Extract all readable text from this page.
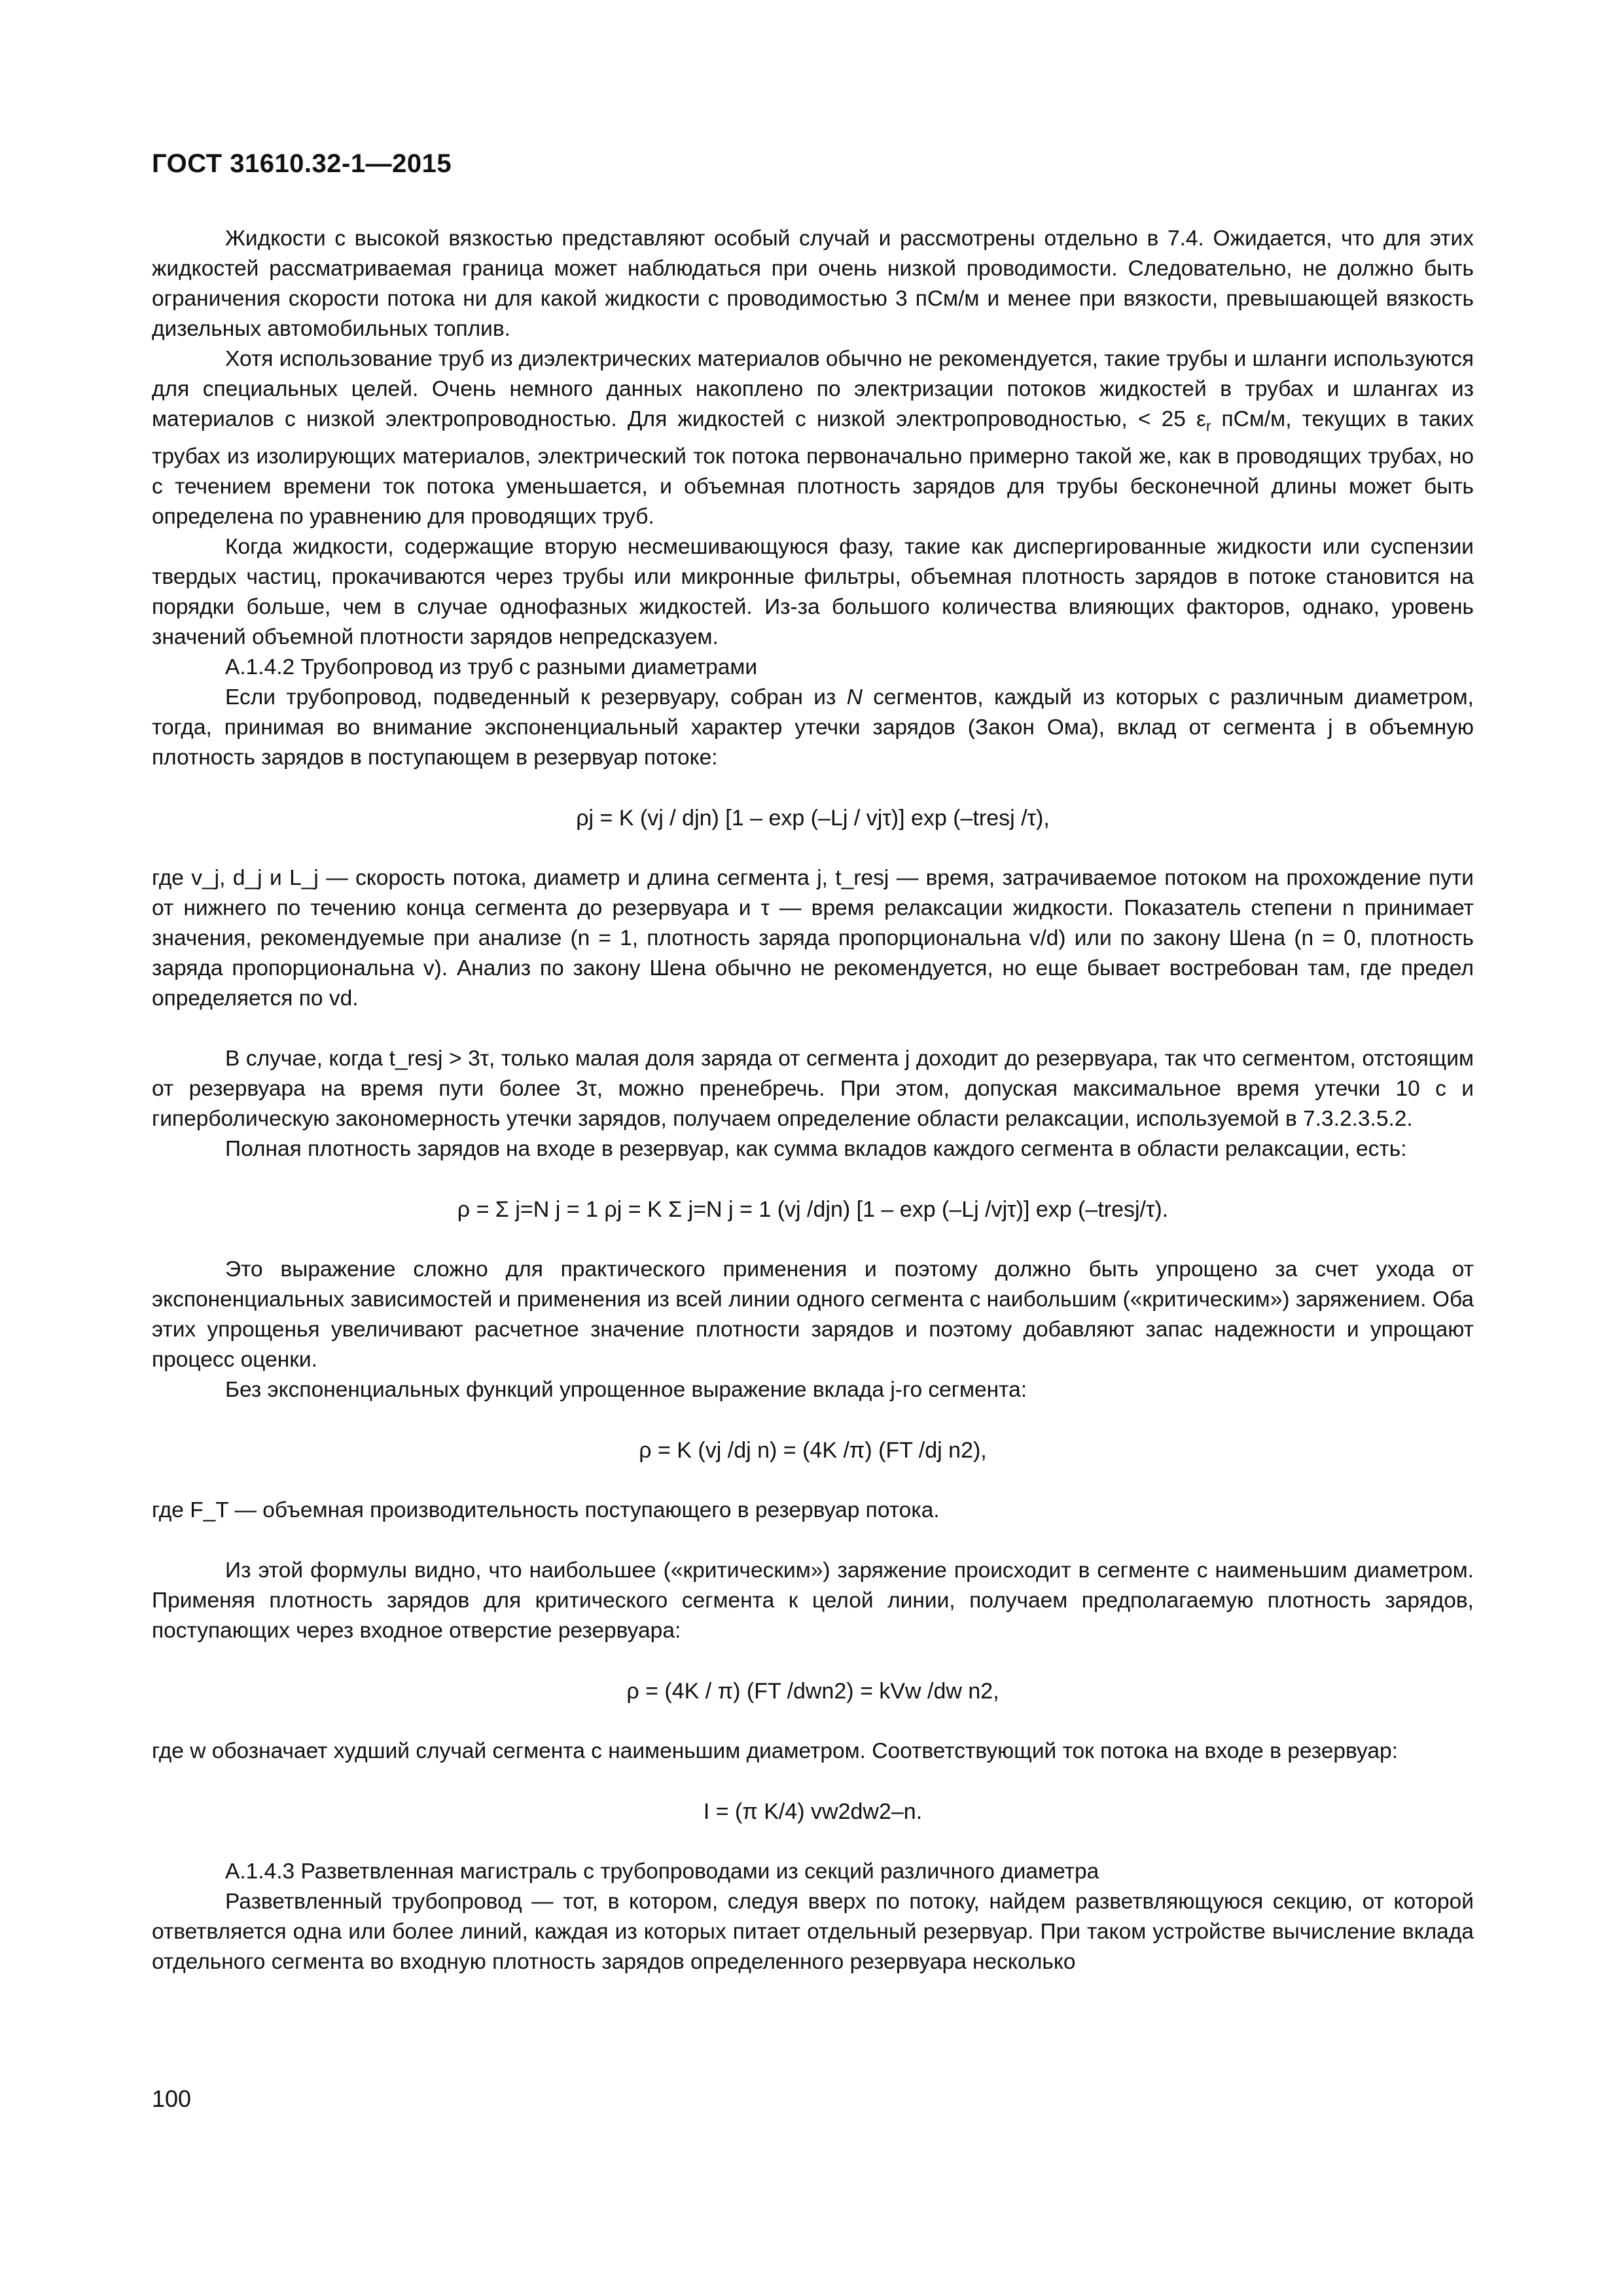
ГОСТ 31610.32-1—2015

Жидкости с высокой вязкостью представляют особый случай и рассмотрены отдельно в 7.4. Ожидается, что для этих жидкостей рассматриваемая граница может наблюдаться при очень низкой проводимости. Следовательно, не должно быть ограничения скорости потока ни для какой жидкости с проводимостью 3 пСм/м и менее при вязкости, превышающей вязкость дизельных автомобильных топлив.

Хотя использование труб из диэлектрических материалов обычно не рекомендуется, такие трубы и шланги используются для специальных целей. Очень немного данных накоплено по электризации потоков жидкостей в трубах и шлангах из материалов с низкой электропроводностью. Для жидкостей с низкой электропроводностью, < 25 $\varepsilon_r$ пСм/м, текущих в таких трубах из изолирующих материалов, электрический ток потока первоначально примерно такой же, как в проводящих трубах, но с течением времени ток потока уменьшается, и объемная плотность зарядов для трубы бесконечной длины может быть определена по уравнению для проводящих труб.

Когда жидкости, содержащие вторую несмешивающуюся фазу, такие как диспергированные жидкости или суспензии твердых частиц, прокачиваются через трубы или микронные фильтры, объемная плотность зарядов в потоке становится на порядки больше, чем в случае однофазных жидкостей. Из-за большого количества влияющих факторов, однако, уровень значений объемной плотности зарядов непредсказуем.

А.1.4.2 Трубопровод из труб с разными диаметрами

Если трубопровод, подведенный к резервуару, собран из N сегментов, каждый из которых с различным диаметром, тогда, принимая во внимание экспоненциальный характер утечки зарядов (Закон Ома), вклад от сегмента j в объемную плотность зарядов в поступающем в резервуар потоке:

ρj = K (vj / djn) [1 – exp (–Lj / vjτ)] exp (–tresj /τ),

где v_j, d_j и L_j — скорость потока, диаметр и длина сегмента j, t_resj — время, затрачиваемое потоком на прохождение пути от нижнего по течению конца сегмента до резервуара и τ — время релаксации жидкости. Показатель степени n принимает значения, рекомендуемые при анализе (n = 1, плотность заряда пропорциональна v/d) или по закону Шена (n = 0, плотность заряда пропорциональна v). Анализ по закону Шена обычно не рекомендуется, но еще бывает востребован там, где предел определяется по vd.

В случае, когда t_resj > 3τ, только малая доля заряда от сегмента j доходит до резервуара, так что сегментом, отстоящим от резервуара на время пути более 3τ, можно пренебречь. При этом, допуская максимальное время утечки 10 с и гиперболическую закономерность утечки зарядов, получаем определение области релаксации, используемой в 7.3.2.3.5.2.

Полная плотность зарядов на входе в резервуар, как сумма вкладов каждого сегмента в области релаксации, есть:

ρ = Σ j=N j = 1 ρj = K Σ j=N j = 1 (vj /djn) [1 – exp (–Lj /vjτ)] exp (–tresj/τ).

Это выражение сложно для практического применения и поэтому должно быть упрощено за счет ухода от экспоненциальных зависимостей и применения из всей линии одного сегмента с наибольшим («критическим») заряжением. Оба этих упрощенья увеличивают расчетное значение плотности зарядов и поэтому добавляют запас надежности и упрощают процесс оценки.

Без экспоненциальных функций упрощенное выражение вклада j-го сегмента:

ρ = K (vj /dj n) = (4K /π) (FT /dj n2),

где F_T — объемная производительность поступающего в резервуар потока.

Из этой формулы видно, что наибольшее («критическим») заряжение происходит в сегменте с наименьшим диаметром. Применяя плотность зарядов для критического сегмента к целой линии, получаем предполагаемую плотность зарядов, поступающих через входное отверстие резервуара:

ρ = (4K / π) (FT /dwn2) = kVw /dw n2,

где w обозначает худший случай сегмента с наименьшим диаметром. Соответствующий ток потока на входе в резервуар:

I = (π K/4) vw2dw2–n.

А.1.4.3 Разветвленная магистраль с трубопроводами из секций различного диаметра

Разветвленный трубопровод — тот, в котором, следуя вверх по потоку, найдем разветвляющуюся секцию, от которой ответвляется одна или более линий, каждая из которых питает отдельный резервуар. При таком устройстве вычисление вклада отдельного сегмента во входную плотность зарядов определенного резервуара несколько

100
